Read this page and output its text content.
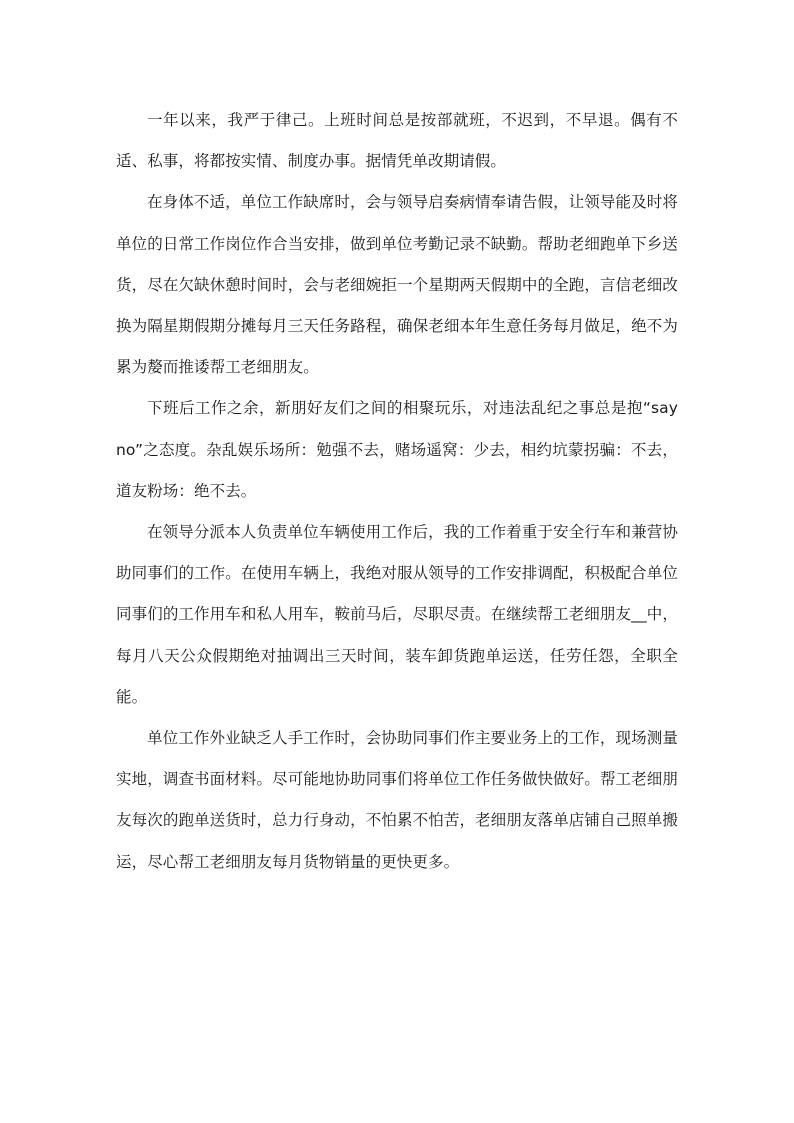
一年以来，我严于律己。上班时间总是按部就班，不迟到，不早退。偶有不适、私事，将都按实情、制度办事。据情凭单改期请假。

在身体不适，单位工作缺席时，会与领导启奏病情奉请告假，让领导能及时将单位的日常工作岗位作合当安排，做到单位考勤记录不缺勤。帮助老细跑单下乡送货，尽在欠缺休憩时间时，会与老细婉拒一个星期两天假期中的全跑，言信老细改换为隔星期假期分摊每月三天任务路程，确保老细本年生意任务每月做足，绝不为累为嫠而推诿帮工老细朋友。

下班后工作之余，新朋好友们之间的相聚玩乐，对违法乱纪之事总是抱“say no”之态度。杂乱娱乐场所：勉强不去，赌场遥窝：少去，相约坑蒙拐骗：不去，道友粉场：绝不去。

在领导分派本人负责单位车辆使用工作后，我的工作着重于安全行车和兼营协助同事们的工作。在使用车辆上，我绝对服从领导的工作安排调配，积极配合单位同事们的工作用车和私人用车，鞍前马后，尽职尽责。在继续帮工老细朋友__中，每月八天公众假期绝对抽调出三天时间，装车卸货跑单运送，任劳任怨，全职全能。

单位工作外业缺乏人手工作时，会协助同事们作主要业务上的工作，现场测量实地，调查书面材料。尽可能地协助同事们将单位工作任务做快做好。帮工老细朋友每次的跑单送货时，总力行身动，不怕累不怕苦，老细朋友落单店铺自己照单搬运，尽心帮工老细朋友每月货物销量的更快更多。
